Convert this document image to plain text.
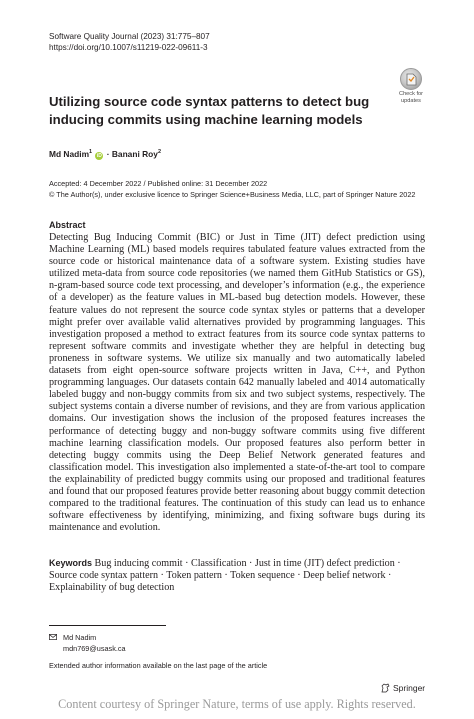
Software Quality Journal (2023) 31:775–807
https://doi.org/10.1007/s11219-022-09611-3
Check for
updates
Utilizing source code syntax patterns to detect bug inducing commits using machine learning models
Md Nadim$^1$ iD · Banani Roy$^2$
Accepted: 4 December 2022 / Published online: 31 December 2022
© The Author(s), under exclusive licence to Springer Science+Business Media, LLC, part of Springer Nature 2022
Abstract

Detecting Bug Inducing Commit (BIC) or Just in Time (JIT) defect prediction using Machine Learning (ML) based models requires tabulated feature values extracted from the source code or historical maintenance data of a software system. Existing studies have utilized meta-data from source code repositories (we named them GitHub Statistics or GS), n-gram-based source code text processing, and developer’s information (e.g., the experience of a developer) as the feature values in ML-based bug detection models. However, these feature values do not represent the source code syntax styles or patterns that a developer might prefer over available valid alternatives provided by programming languages. This investigation proposed a method to extract features from its source code syntax patterns to represent software commits and investigate whether they are helpful in detecting bug proneness in software systems. We utilize six manually and two automatically labeled datasets from eight open-source software projects written in Java, C++, and Python programming languages. Our datasets contain 642 manually labeled and 4014 automatically labeled buggy and non-buggy commits from six and two subject systems, respectively. The subject systems contain a diverse number of revisions, and they are from various application domains. Our investigation shows the inclusion of the proposed features increases the performance of detecting buggy and non-buggy software commits using five different machine learning classification models. Our proposed features also perform better in detecting buggy commits using the Deep Belief Network generated features and classification model. This investigation also implemented a state-of-the-art tool to compare the explainability of predicted buggy commits using our proposed and traditional features and found that our proposed features provide better reasoning about buggy commit detection compared to the traditional features. The continuation of this study can lead us to enhance software effectiveness by identifying, minimizing, and fixing software bugs during its maintenance and evolution.

Keywords Bug inducing commit · Classification · Just in time (JIT) defect prediction · Source code syntax pattern · Token pattern · Token sequence · Deep belief network · Explainability of bug detection
Md Nadim
mdn769@usask.ca
Extended author information available on the last page of the article
Springer
Content courtesy of Springer Nature, terms of use apply. Rights reserved.
